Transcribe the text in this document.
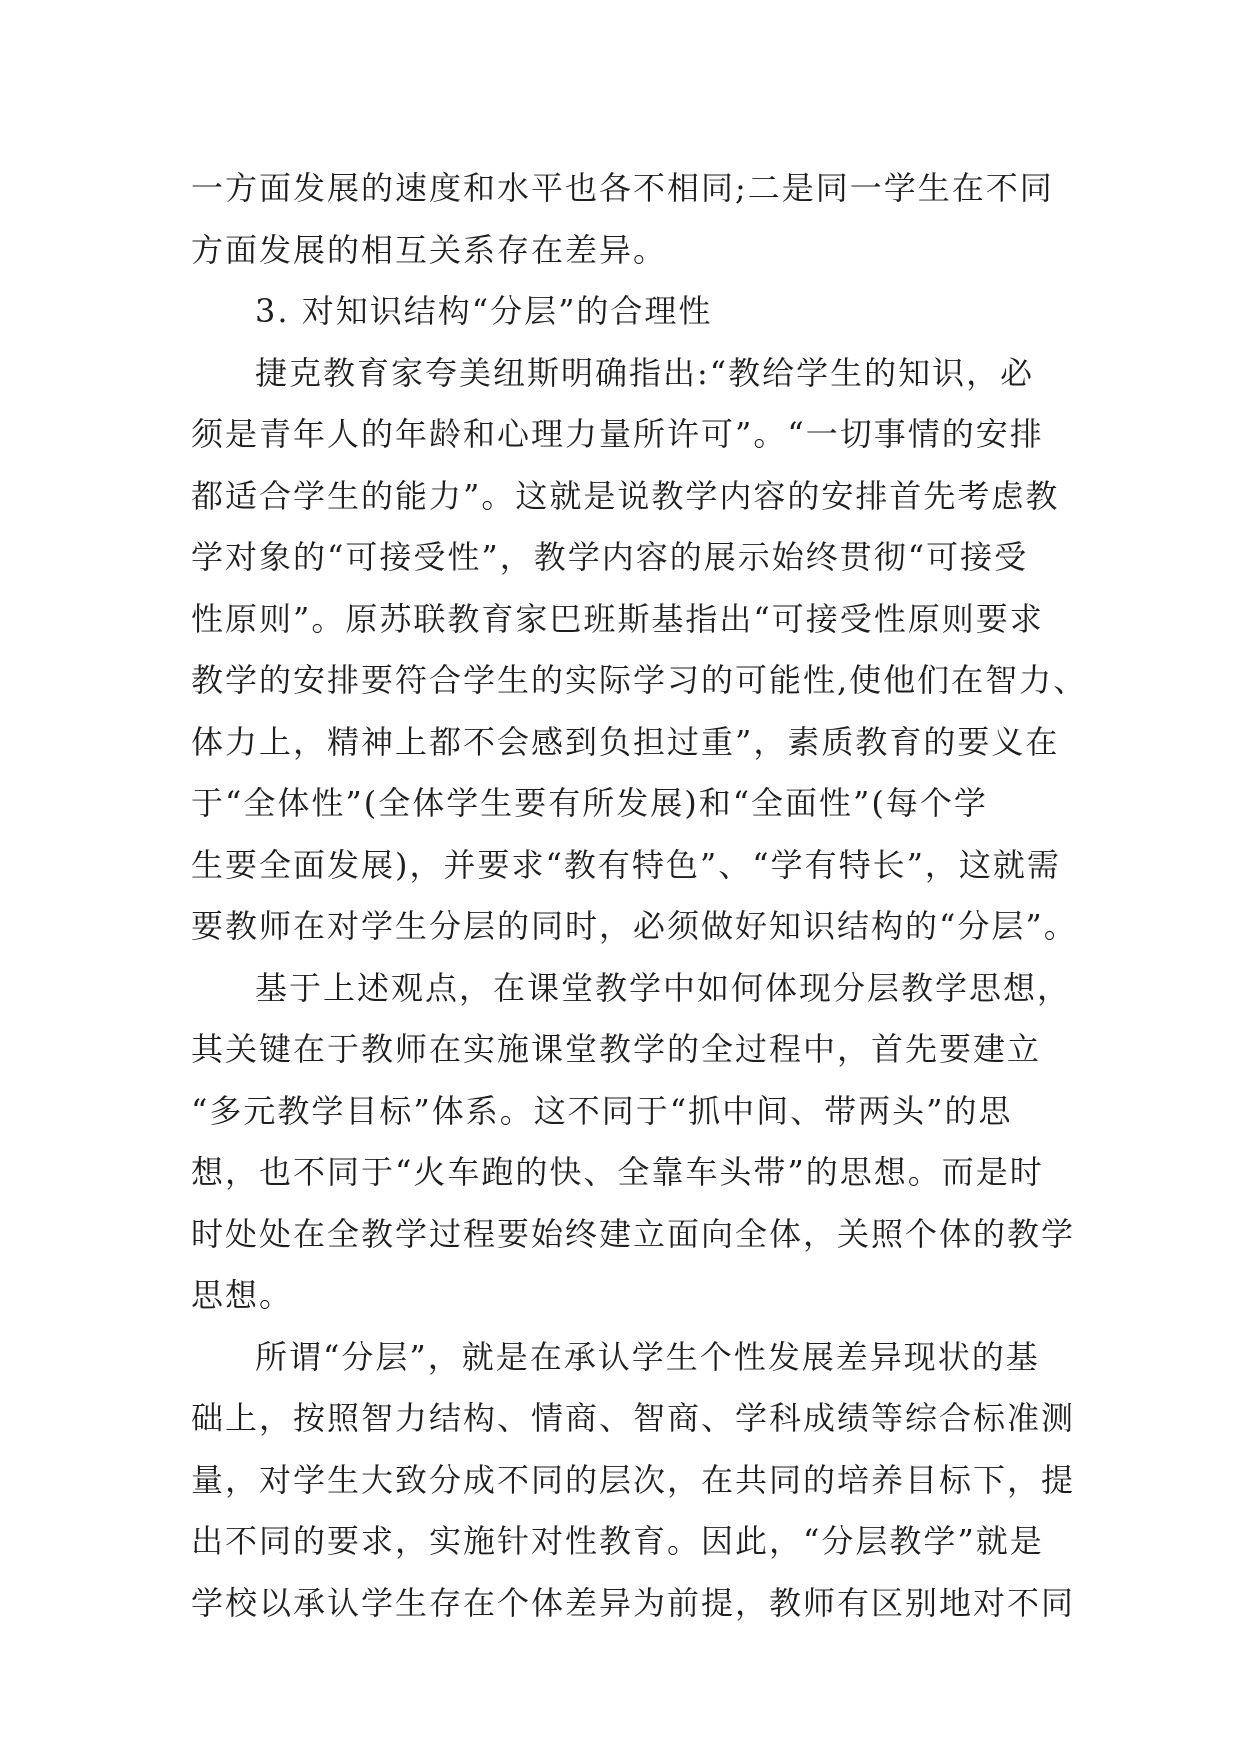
一方面发展的速度和水平也各不相同;二是同一学生在不同
方面发展的相互关系存在差异。
3. 对知识结构“分层”的合理性
捷克教育家夸美纽斯明确指出:“教给学生的知识，必
须是青年人的年龄和心理力量所许可”。“一切事情的安排
都适合学生的能力”。这就是说教学内容的安排首先考虑教
学对象的“可接受性”，教学内容的展示始终贯彻“可接受
性原则”。原苏联教育家巴班斯基指出“可接受性原则要求
教学的安排要符合学生的实际学习的可能性,使他们在智力、
体力上，精神上都不会感到负担过重”，素质教育的要义在
于“全体性”(全体学生要有所发展)和“全面性”(每个学
生要全面发展)，并要求“教有特色”、“学有特长”，这就需
要教师在对学生分层的同时，必须做好知识结构的“分层”。
基于上述观点，在课堂教学中如何体现分层教学思想，
其关键在于教师在实施课堂教学的全过程中，首先要建立
“多元教学目标”体系。这不同于“抓中间、带两头”的思
想，也不同于“火车跑的快、全靠车头带”的思想。而是时
时处处在全教学过程要始终建立面向全体，关照个体的教学
思想。
所谓“分层”，就是在承认学生个性发展差异现状的基
础上，按照智力结构、情商、智商、学科成绩等综合标准测
量，对学生大致分成不同的层次，在共同的培养目标下，提
出不同的要求，实施针对性教育。因此，“分层教学”就是
学校以承认学生存在个体差异为前提，教师有区别地对不同
